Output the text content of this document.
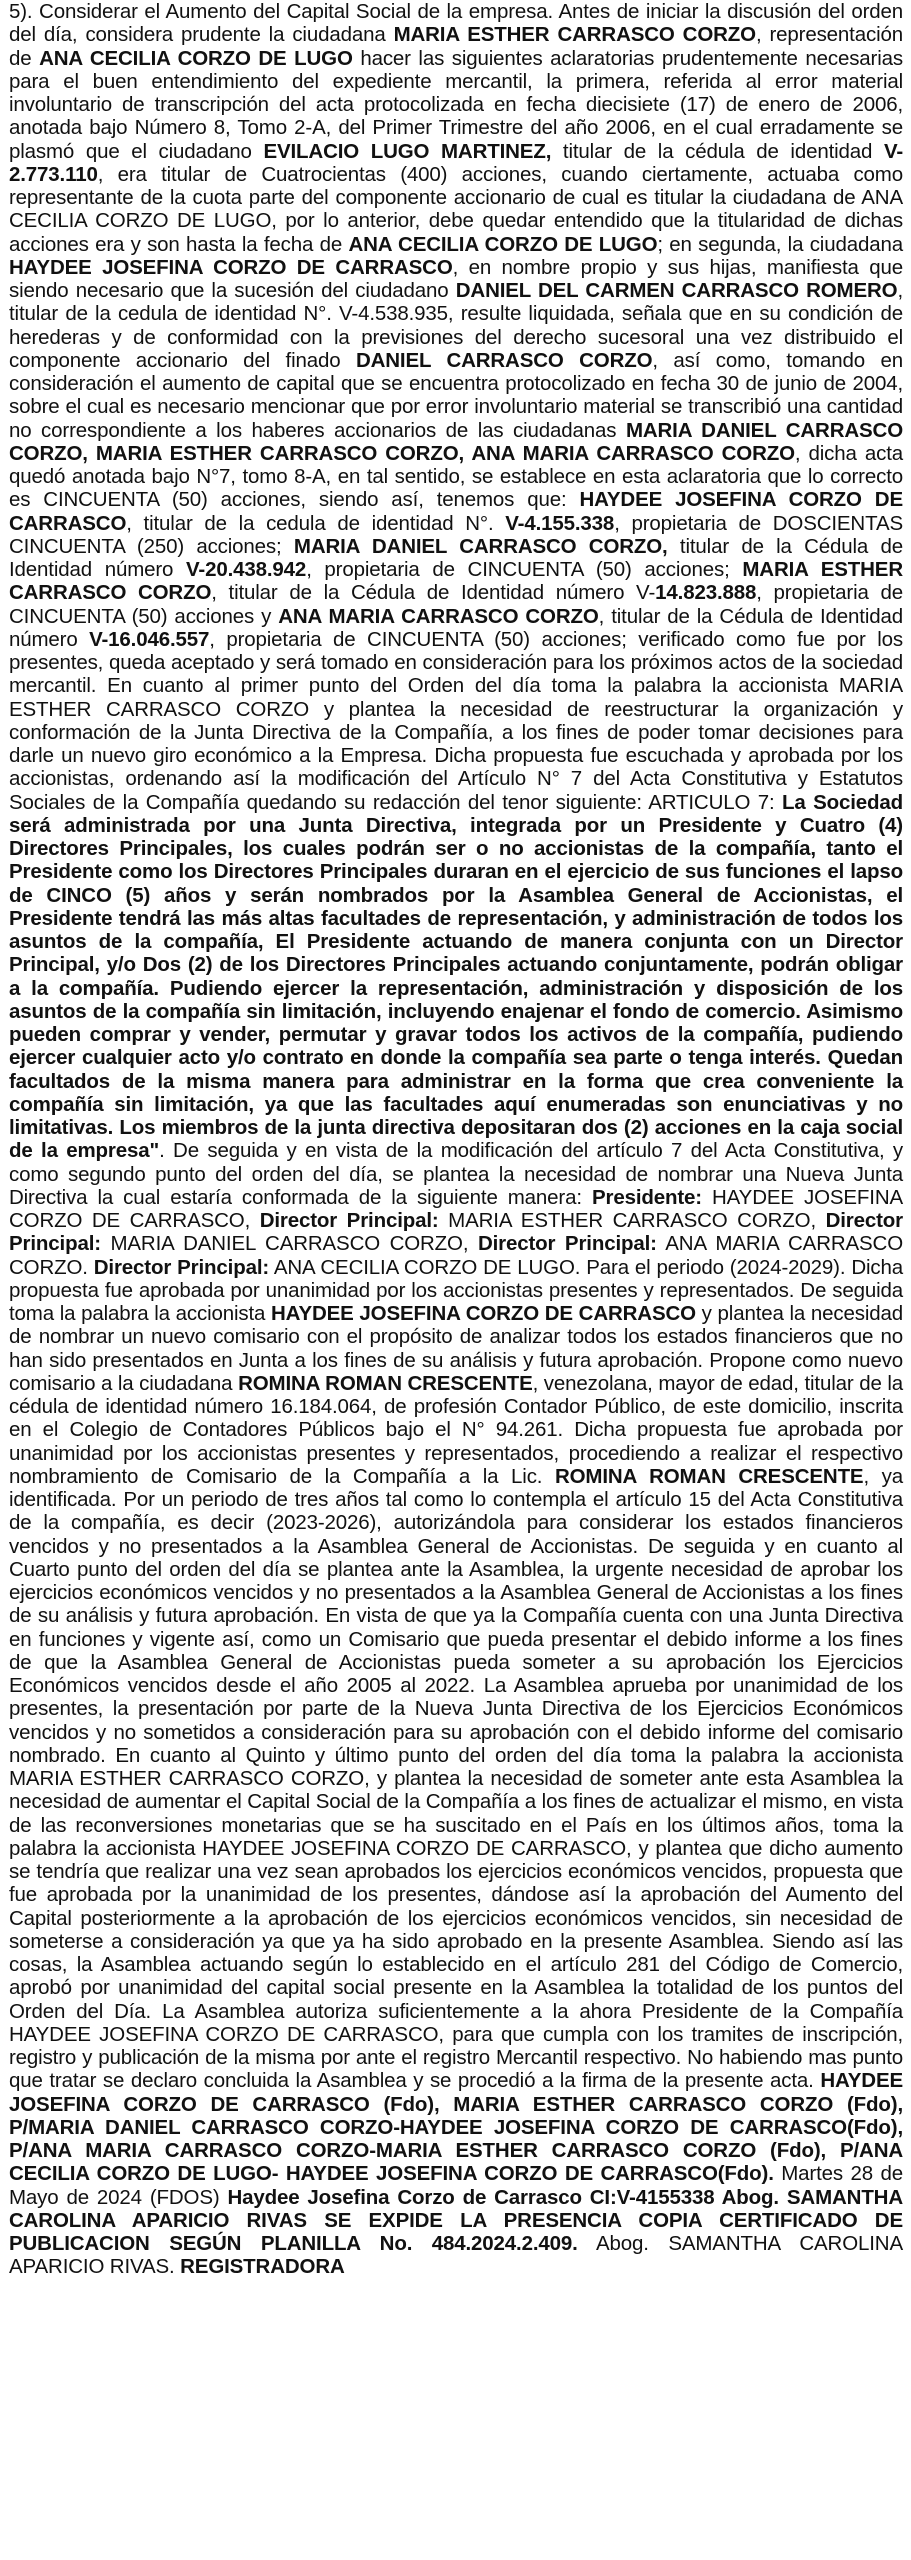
5). Considerar el Aumento del Capital Social de la empresa. Antes de iniciar la discusión del orden del día, considera prudente la ciudadana MARIA ESTHER CARRASCO CORZO, representación de ANA CECILIA CORZO DE LUGO hacer las siguientes aclaratorias prudentemente necesarias para el buen entendimiento del expediente mercantil, la primera, referida al error material involuntario de transcripción del acta protocolizada en fecha diecisiete (17) de enero de 2006, anotada bajo Número 8, Tomo 2-A, del Primer Trimestre del año 2006, en el cual erradamente se plasmó que el ciudadano EVILACIO LUGO MARTINEZ, titular de la cédula de identidad V-2.773.110, era titular de Cuatrocientas (400) acciones, cuando ciertamente, actuaba como representante de la cuota parte del componente accionario de cual es titular la ciudadana de ANA CECILIA CORZO DE LUGO, por lo anterior, debe quedar entendido que la titularidad de dichas acciones era y son hasta la fecha de ANA CECILIA CORZO DE LUGO; en segunda, la ciudadana HAYDEE JOSEFINA CORZO DE CARRASCO, en nombre propio y sus hijas, manifiesta que siendo necesario que la sucesión del ciudadano DANIEL DEL CARMEN CARRASCO ROMERO, titular de la cedula de identidad N°. V-4.538.935, resulte liquidada, señala que en su condición de herederas y de conformidad con la previsiones del derecho sucesoral una vez distribuido el componente accionario del finado DANIEL CARRASCO CORZO, así como, tomando en consideración el aumento de capital que se encuentra protocolizado en fecha 30 de junio de 2004, sobre el cual es necesario mencionar que por error involuntario material se transcribió una cantidad no correspondiente a los haberes accionarios de las ciudadanas MARIA DANIEL CARRASCO CORZO, MARIA ESTHER CARRASCO CORZO, ANA MARIA CARRASCO CORZO, dicha acta quedó anotada bajo N°7, tomo 8-A, en tal sentido, se establece en esta aclaratoria que lo correcto es CINCUENTA (50) acciones, siendo así, tenemos que: HAYDEE JOSEFINA CORZO DE CARRASCO, titular de la cedula de identidad N°. V-4.155.338, propietaria de DOSCIENTAS CINCUENTA (250) acciones; MARIA DANIEL CARRASCO CORZO, titular de la Cédula de Identidad número V-20.438.942, propietaria de CINCUENTA (50) acciones; MARIA ESTHER CARRASCO CORZO, titular de la Cédula de Identidad número V-14.823.888, propietaria de CINCUENTA (50) acciones y ANA MARIA CARRASCO CORZO, titular de la Cédula de Identidad número V-16.046.557, propietaria de CINCUENTA (50) acciones; verificado como fue por los presentes, queda aceptado y será tomado en consideración para los próximos actos de la sociedad mercantil. En cuanto al primer punto del Orden del día toma la palabra la accionista MARIA ESTHER CARRASCO CORZO y plantea la necesidad de reestructurar la organización y conformación de la Junta Directiva de la Compañía, a los fines de poder tomar decisiones para darle un nuevo giro económico a la Empresa. Dicha propuesta fue escuchada y aprobada por los accionistas, ordenando así la modificación del Artículo N° 7 del Acta Constitutiva y Estatutos Sociales de la Compañía quedando su redacción del tenor siguiente: ARTICULO 7: La Sociedad será administrada por una Junta Directiva, integrada por un Presidente y Cuatro (4) Directores Principales, los cuales podrán ser o no accionistas de la compañía, tanto el Presidente como los Directores Principales duraran en el ejercicio de sus funciones el lapso de CINCO (5) años y serán nombrados por la Asamblea General de Accionistas, el Presidente tendrá las más altas facultades de representación, y administración de todos los asuntos de la compañía, El Presidente actuando de manera conjunta con un Director Principal, y/o Dos (2) de los Directores Principales actuando conjuntamente, podrán obligar a la compañía. Pudiendo ejercer la representación, administración y disposición de los asuntos de la compañía sin limitación, incluyendo enajenar el fondo de comercio. Asimismo pueden comprar y vender, permutar y gravar todos los activos de la compañía, pudiendo ejercer cualquier acto y/o contrato en donde la compañía sea parte o tenga interés. Quedan facultados de la misma manera para administrar en la forma que crea conveniente la compañía sin limitación, ya que las facultades aquí enumeradas son enunciativas y no limitativas. Los miembros de la junta directiva depositaran dos (2) acciones en la caja social de la empresa". De seguida y en vista de la modificación del artículo 7 del Acta Constitutiva, y como segundo punto del orden del día, se plantea la necesidad de nombrar una Nueva Junta Directiva la cual estaría conformada de la siguiente manera: Presidente: HAYDEE JOSEFINA CORZO DE CARRASCO, Director Principal: MARIA ESTHER CARRASCO CORZO, Director Principal: MARIA DANIEL CARRASCO CORZO, Director Principal: ANA MARIA CARRASCO CORZO. Director Principal: ANA CECILIA CORZO DE LUGO. Para el periodo (2024-2029). Dicha propuesta fue aprobada por unanimidad por los accionistas presentes y representados. De seguida toma la palabra la accionista HAYDEE JOSEFINA CORZO DE CARRASCO y plantea la necesidad de nombrar un nuevo comisario con el propósito de analizar todos los estados financieros que no han sido presentados en Junta a los fines de su análisis y futura aprobación. Propone como nuevo comisario a la ciudadana ROMINA ROMAN CRESCENTE, venezolana, mayor de edad, titular de la cédula de identidad número 16.184.064, de profesión Contador Público, de este domicilio, inscrita en el Colegio de Contadores Públicos bajo el N° 94.261. Dicha propuesta fue aprobada por unanimidad por los accionistas presentes y representados, procediendo a realizar el respectivo nombramiento de Comisario de la Compañía a la Lic. ROMINA ROMAN CRESCENTE, ya identificada. Por un periodo de tres años tal como lo contempla el artículo 15 del Acta Constitutiva de la compañía, es decir (2023-2026), autorizándola para considerar los estados financieros vencidos y no presentados a la Asamblea General de Accionistas. De seguida y en cuanto al Cuarto punto del orden del día se plantea ante la Asamblea, la urgente necesidad de aprobar los ejercicios económicos vencidos y no presentados a la Asamblea General de Accionistas a los fines de su análisis y futura aprobación. En vista de que ya la Compañía cuenta con una Junta Directiva en funciones y vigente así, como un Comisario que pueda presentar el debido informe a los fines de que la Asamblea General de Accionistas pueda someter a su aprobación los Ejercicios Económicos vencidos desde el año 2005 al 2022. La Asamblea aprueba por unanimidad de los presentes, la presentación por parte de la Nueva Junta Directiva de los Ejercicios Económicos vencidos y no sometidos a consideración para su aprobación con el debido informe del comisario nombrado. En cuanto al Quinto y último punto del orden del día toma la palabra la accionista MARIA ESTHER CARRASCO CORZO, y plantea la necesidad de someter ante esta Asamblea la necesidad de aumentar el Capital Social de la Compañía a los fines de actualizar el mismo, en vista de las reconversiones monetarias que se ha suscitado en el País en los últimos años, toma la palabra la accionista HAYDEE JOSEFINA CORZO DE CARRASCO, y plantea que dicho aumento se tendría que realizar una vez sean aprobados los ejercicios económicos vencidos, propuesta que fue aprobada por la unanimidad de los presentes, dándose así la aprobación del Aumento del Capital posteriormente a la aprobación de los ejercicios económicos vencidos, sin necesidad de someterse a consideración ya que ya ha sido aprobado en la presente Asamblea. Siendo así las cosas, la Asamblea actuando según lo establecido en el artículo 281 del Código de Comercio, aprobó por unanimidad del capital social presente en la Asamblea la totalidad de los puntos del Orden del Día. La Asamblea autoriza suficientemente a la ahora Presidente de la Compañía HAYDEE JOSEFINA CORZO DE CARRASCO, para que cumpla con los tramites de inscripción, registro y publicación de la misma por ante el registro Mercantil respectivo. No habiendo mas punto que tratar se declaro concluida la Asamblea y se procedió a la firma de la presente acta. HAYDEE JOSEFINA CORZO DE CARRASCO (Fdo), MARIA ESTHER CARRASCO CORZO (Fdo), P/MARIA DANIEL CARRASCO CORZO-HAYDEE JOSEFINA CORZO DE CARRASCO(Fdo), P/ANA MARIA CARRASCO CORZO-MARIA ESTHER CARRASCO CORZO (Fdo), P/ANA CECILIA CORZO DE LUGO- HAYDEE JOSEFINA CORZO DE CARRASCO(Fdo). Martes 28 de Mayo de 2024 (FDOS) Haydee Josefina Corzo de Carrasco CI:V-4155338 Abog. SAMANTHA CAROLINA APARICIO RIVAS SE EXPIDE LA PRESENCIA COPIA CERTIFICADO DE PUBLICACION SEGÚN PLANILLA No. 484.2024.2.409. Abog. SAMANTHA CAROLINA APARICIO RIVAS. REGISTRADORA
